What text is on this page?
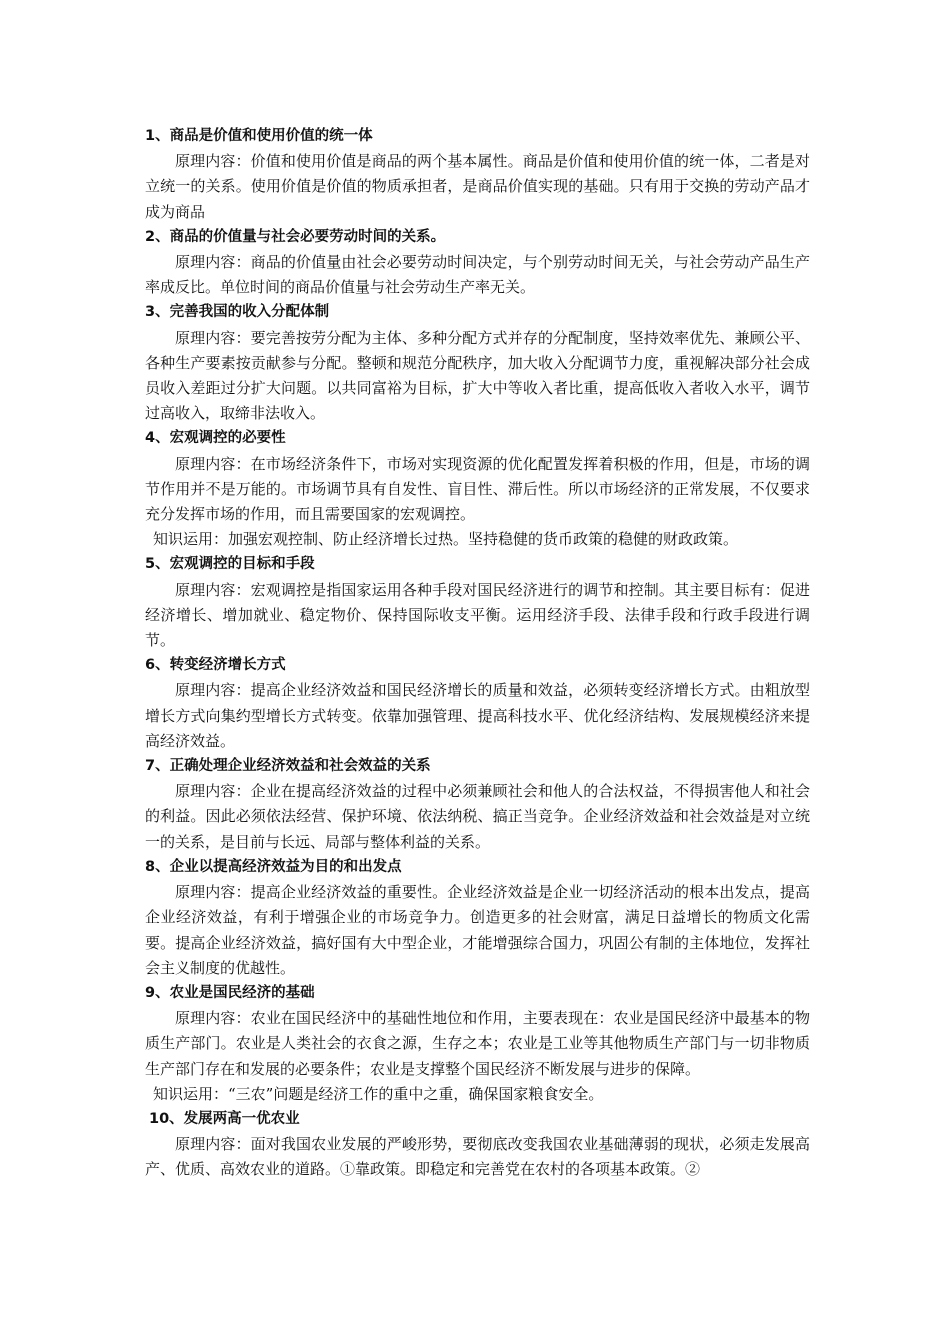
1、商品是价值和使用价值的统一体

原理内容：价值和使用价值是商品的两个基本属性。商品是价值和使用价值的统一体，二者是对立统一的关系。使用价值是价值的物质承担者，是商品价值实现的基础。只有用于交换的劳动产品才成为商品

2、商品的价值量与社会必要劳动时间的关系。

原理内容：商品的价值量由社会必要劳动时间决定，与个别劳动时间无关，与社会劳动产品生产率成反比。单位时间的商品价值量与社会劳动生产率无关。

3、完善我国的收入分配体制

原理内容：要完善按劳分配为主体、多种分配方式并存的分配制度，坚持效率优先、兼顾公平、各种生产要素按贡献参与分配。整顿和规范分配秩序，加大收入分配调节力度，重视解决部分社会成员收入差距过分扩大问题。以共同富裕为目标，扩大中等收入者比重，提高低收入者收入水平，调节过高收入，取缔非法收入。

4、宏观调控的必要性

原理内容：在市场经济条件下，市场对实现资源的优化配置发挥着积极的作用，但是，市场的调节作用并不是万能的。市场调节具有自发性、盲目性、滞后性。所以市场经济的正常发展，不仅要求充分发挥市场的作用，而且需要国家的宏观调控。

知识运用：加强宏观控制、防止经济增长过热。坚持稳健的货币政策的稳健的财政政策。

5、宏观调控的目标和手段

原理内容：宏观调控是指国家运用各种手段对国民经济进行的调节和控制。其主要目标有：促进经济增长、增加就业、稳定物价、保持国际收支平衡。运用经济手段、法律手段和行政手段进行调节。

6、转变经济增长方式

原理内容：提高企业经济效益和国民经济增长的质量和效益，必须转变经济增长方式。由粗放型增长方式向集约型增长方式转变。依靠加强管理、提高科技水平、优化经济结构、发展规模经济来提高经济效益。

7、正确处理企业经济效益和社会效益的关系

原理内容：企业在提高经济效益的过程中必须兼顾社会和他人的合法权益，不得损害他人和社会的利益。因此必须依法经营、保护环境、依法纳税、搞正当竞争。企业经济效益和社会效益是对立统一的关系，是目前与长远、局部与整体利益的关系。

8、企业以提高经济效益为目的和出发点

原理内容：提高企业经济效益的重要性。企业经济效益是企业一切经济活动的根本出发点，提高企业经济效益，有利于增强企业的市场竞争力。创造更多的社会财富，满足日益增长的物质文化需要。提高企业经济效益，搞好国有大中型企业，才能增强综合国力，巩固公有制的主体地位，发挥社会主义制度的优越性。

9、农业是国民经济的基础

原理内容：农业在国民经济中的基础性地位和作用，主要表现在：农业是国民经济中最基本的物质生产部门。农业是人类社会的衣食之源，生存之本；农业是工业等其他物质生产部门与一切非物质生产部门存在和发展的必要条件；农业是支撑整个国民经济不断发展与进步的保障。

知识运用：“三农”问题是经济工作的重中之重，确保国家粮食安全。

10、发展两高一优农业

原理内容：面对我国农业发展的严峻形势，要彻底改变我国农业基础薄弱的现状，必须走发展高产、优质、高效农业的道路。①靠政策。即稳定和完善党在农村的各项基本政策。②
